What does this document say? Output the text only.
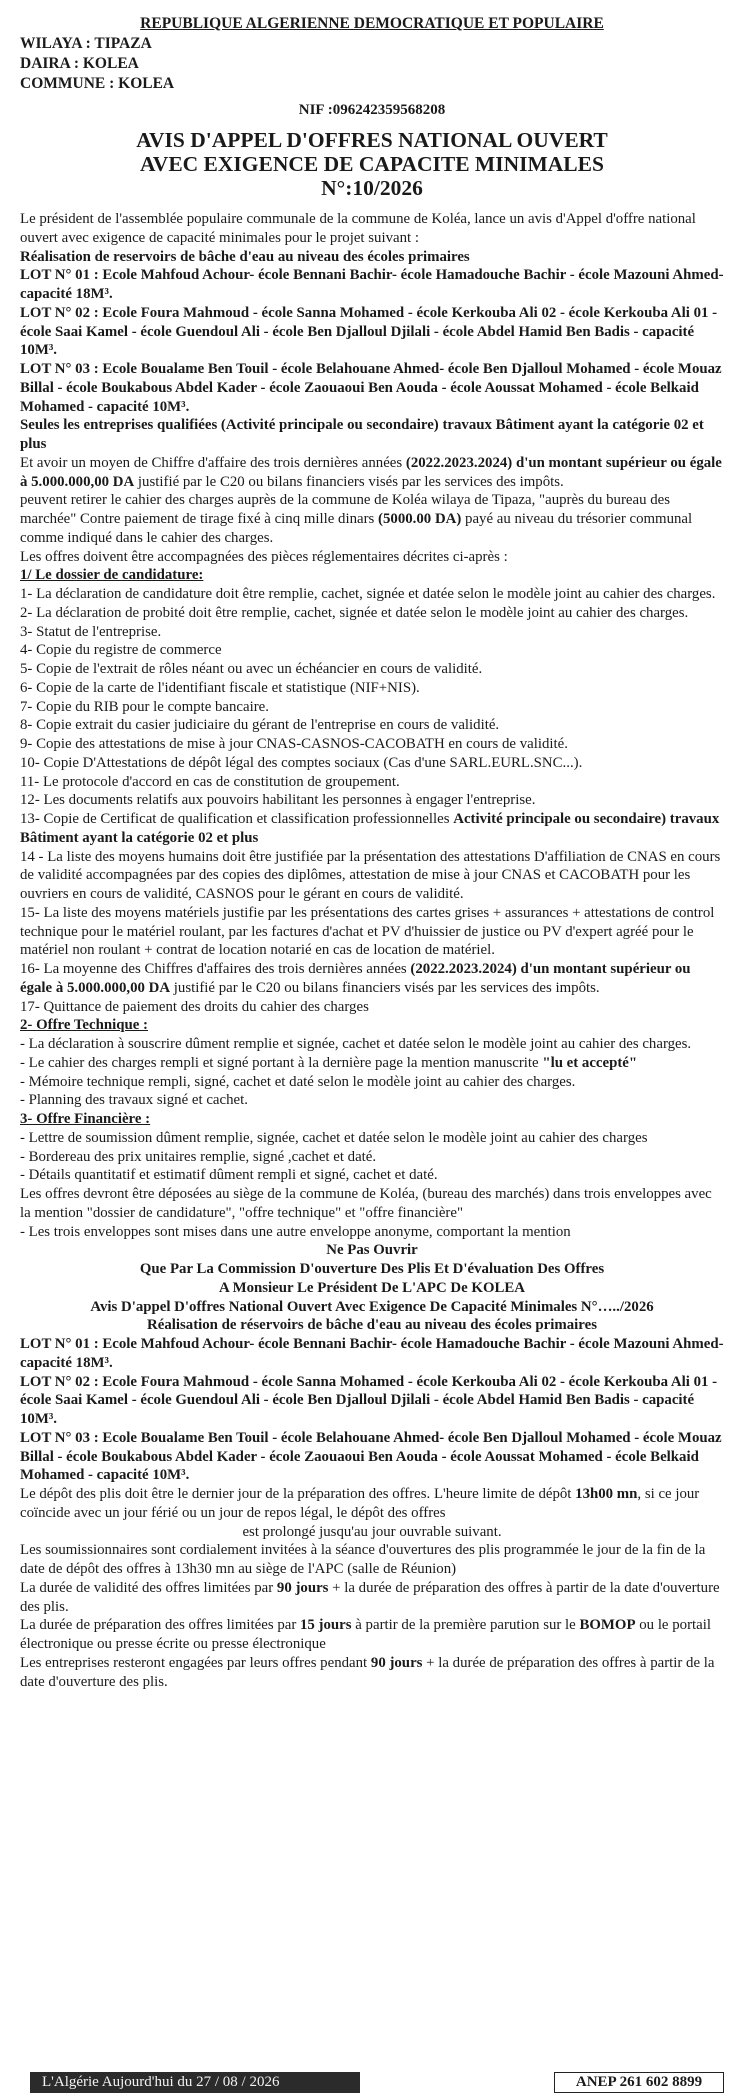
REPUBLIQUE ALGERIENNE DEMOCRATIQUE ET POPULAIRE
WILAYA : TIPAZA
DAIRA : KOLEA
COMMUNE : KOLEA
NIF :096242359568208
AVIS D'APPEL D'OFFRES NATIONAL OUVERT
AVEC EXIGENCE DE CAPACITE MINIMALES
N°:10/2026

Le président de l'assemblée populaire communale de la commune de Koléa, lance un avis d'Appel d'offre national ouvert avec exigence de capacité minimales pour le projet suivant :

Réalisation de reservoirs de bâche d'eau au niveau des écoles primaires

LOT N° 01 : Ecole Mahfoud Achour- école Bennani Bachir- école Hamadouche Bachir - école Mazouni Ahmed- capacité 18M³.

LOT N° 02 : Ecole Foura Mahmoud - école Sanna Mohamed - école Kerkouba Ali 02 - école Kerkouba Ali 01 - école Saai Kamel - école Guendoul Ali - école Ben Djalloul Djilali - école Abdel Hamid Ben Badis - capacité 10M³.

LOT N° 03 : Ecole Boualame Ben Touil - école Belahouane Ahmed- école Ben Djalloul Mohamed - école Mouaz Billal - école Boukabous Abdel Kader - école Zaouaoui Ben Aouda - école Aoussat Mohamed - école Belkaid Mohamed - capacité 10M³.

Seules les entreprises qualifiées (Activité principale ou secondaire) travaux Bâtiment ayant la catégorie 02 et plus

Et avoir un moyen de Chiffre d'affaire des trois dernières années (2022.2023.2024) d'un montant supérieur ou égale à 5.000.000,00 DA justifié par le C20 ou bilans financiers visés par les services des impôts.

peuvent retirer le cahier des charges auprès de la commune de Koléa wilaya de Tipaza, "auprès du bureau des marchée" Contre paiement de tirage fixé à cinq mille dinars (5000.00 DA) payé au niveau du trésorier communal comme indiqué dans le cahier des charges.

Les offres doivent être accompagnées des pièces réglementaires décrites ci-après :

1/ Le dossier de candidature:

1- La déclaration de candidature doit être remplie, cachet, signée et datée selon le modèle joint au cahier des charges.

2- La déclaration de probité doit être remplie, cachet, signée et datée selon le modèle joint au cahier des charges.

3- Statut de l'entreprise.

4- Copie du registre de commerce

5- Copie de l'extrait de rôles néant ou avec un échéancier en cours de validité.

6- Copie de la carte de l'identifiant fiscale et statistique (NIF+NIS).

7- Copie du RIB pour le compte bancaire.

8- Copie extrait du casier judiciaire du gérant de l'entreprise en cours de validité.

9- Copie des attestations de mise à jour CNAS-CASNOS-CACOBATH en cours de validité.

10- Copie D'Attestations de dépôt légal des comptes sociaux (Cas d'une SARL.EURL.SNC...).

11- Le protocole d'accord en cas de constitution de groupement.

12- Les documents relatifs aux pouvoirs habilitant les personnes à engager l'entreprise.

13- Copie de Certificat de qualification et classification professionnelles Activité principale ou secondaire) travaux Bâtiment ayant la catégorie 02 et plus

14 - La liste des moyens humains doit être justifiée par la présentation des attestations D'affiliation de CNAS en cours de validité accompagnées par des copies des diplômes, attestation de mise à jour CNAS et CACOBATH pour les ouvriers en cours de validité, CASNOS pour le gérant en cours de validité.

15- La liste des moyens matériels justifie par les présentations des cartes grises + assurances + attestations de control technique pour le matériel roulant, par les factures d'achat et PV d'huissier de justice ou PV d'expert agréé pour le matériel non roulant + contrat de location notarié en cas de location de matériel.

16- La moyenne des Chiffres d'affaires des trois dernières années (2022.2023.2024) d'un montant supérieur ou égale à 5.000.000,00 DA justifié par le C20 ou bilans financiers visés par les services des impôts.

17- Quittance de paiement des droits du cahier des charges

2- Offre Technique :

- La déclaration à souscrire dûment remplie et signée, cachet et datée selon le modèle joint au cahier des charges.

- Le cahier des charges rempli et signé portant à la dernière page la mention manuscrite "lu et accepté"

- Mémoire technique rempli, signé, cachet et daté selon le modèle joint au cahier des charges.

- Planning des travaux signé et cachet.

3- Offre Financière :

- Lettre de soumission dûment remplie, signée, cachet et datée selon le modèle joint au cahier des charges

- Bordereau des prix unitaires remplie, signé ,cachet et daté.

- Détails quantitatif et estimatif dûment rempli et signé, cachet et daté.

Les offres devront être déposées au siège de la commune de Koléa, (bureau des marchés) dans trois enveloppes avec la mention "dossier de candidature", "offre technique" et "offre financière"

- Les trois enveloppes sont mises dans une autre enveloppe anonyme, comportant la mention

Ne Pas Ouvrir

Que Par La Commission D'ouverture Des Plis Et D'évaluation Des Offres

A Monsieur Le Président De L'APC De KOLEA

Avis D'appel D'offres National Ouvert Avec Exigence De Capacité Minimales N°…../2026

Réalisation de réservoirs de bâche d'eau au niveau des écoles primaires

LOT N° 01 : Ecole Mahfoud Achour- école Bennani Bachir- école Hamadouche Bachir - école Mazouni Ahmed- capacité 18M³.

LOT N° 02 : Ecole Foura Mahmoud - école Sanna Mohamed - école Kerkouba Ali 02 - école Kerkouba Ali 01 - école Saai Kamel - école Guendoul Ali - école Ben Djalloul Djilali - école Abdel Hamid Ben Badis - capacité 10M³.

LOT N° 03 : Ecole Boualame Ben Touil - école Belahouane Ahmed- école Ben Djalloul Mohamed - école Mouaz Billal - école Boukabous Abdel Kader - école Zaouaoui Ben Aouda - école Aoussat Mohamed - école Belkaid Mohamed - capacité 10M³.

Le dépôt des plis doit être le dernier jour de la préparation des offres. L'heure limite de dépôt 13h00 mn, si ce jour coïncide avec un jour férié ou un jour de repos légal, le dépôt des offres

est prolongé jusqu'au jour ouvrable suivant.

Les soumissionnaires sont cordialement invitées à la séance d'ouvertures des plis programmée le jour de la fin de la date de dépôt des offres à 13h30 mn au siège de l'APC (salle de Réunion)

La durée de validité des offres limitées par 90 jours + la durée de préparation des offres à partir de la date d'ouverture des plis.

La durée de préparation des offres limitées par 15 jours à partir de la première parution sur le BOMOP ou le portail électronique ou presse écrite ou presse électronique

Les entreprises resteront engagées par leurs offres pendant 90 jours + la durée de préparation des offres à partir de la date d'ouverture des plis.

L'Algérie Aujourd'hui du 27 / 08 / 2026	ANEP 261 602 8899
